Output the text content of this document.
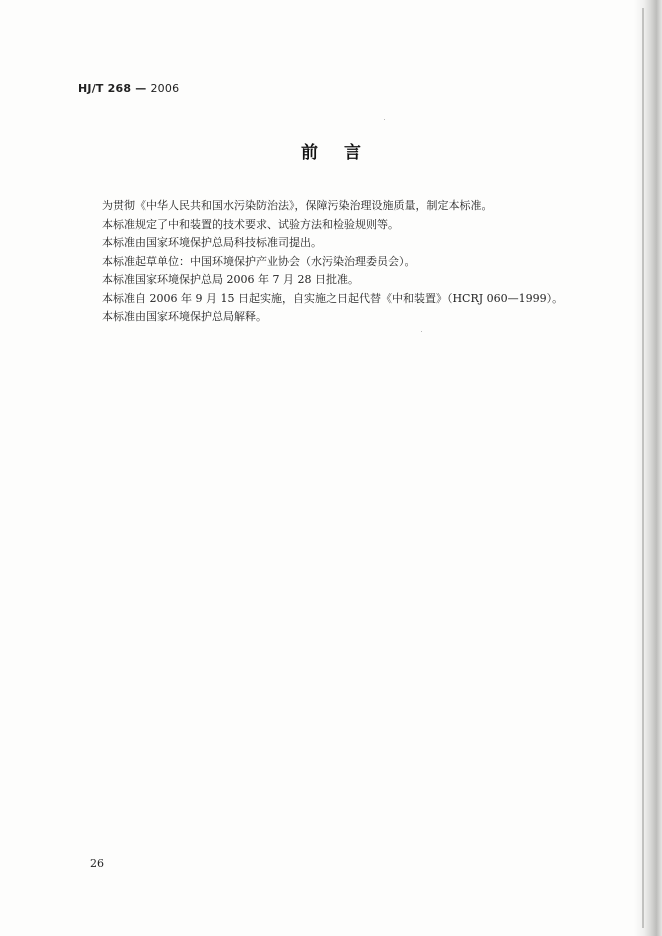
HJ/T 268 — 2006
前言
为贯彻《中华人民共和国水污染防治法》，保障污染治理设施质量，制定本标准。
本标准规定了中和装置的技术要求、试验方法和检验规则等。
本标准由国家环境保护总局科技标准司提出。
本标准起草单位：中国环境保护产业协会（水污染治理委员会）。
本标准国家环境保护总局 2006 年 7 月 28 日批准。
本标准自 2006 年 9 月 15 日起实施，自实施之日起代替《中和装置》（HCRJ 060—1999）。
本标准由国家环境保护总局解释。
26
